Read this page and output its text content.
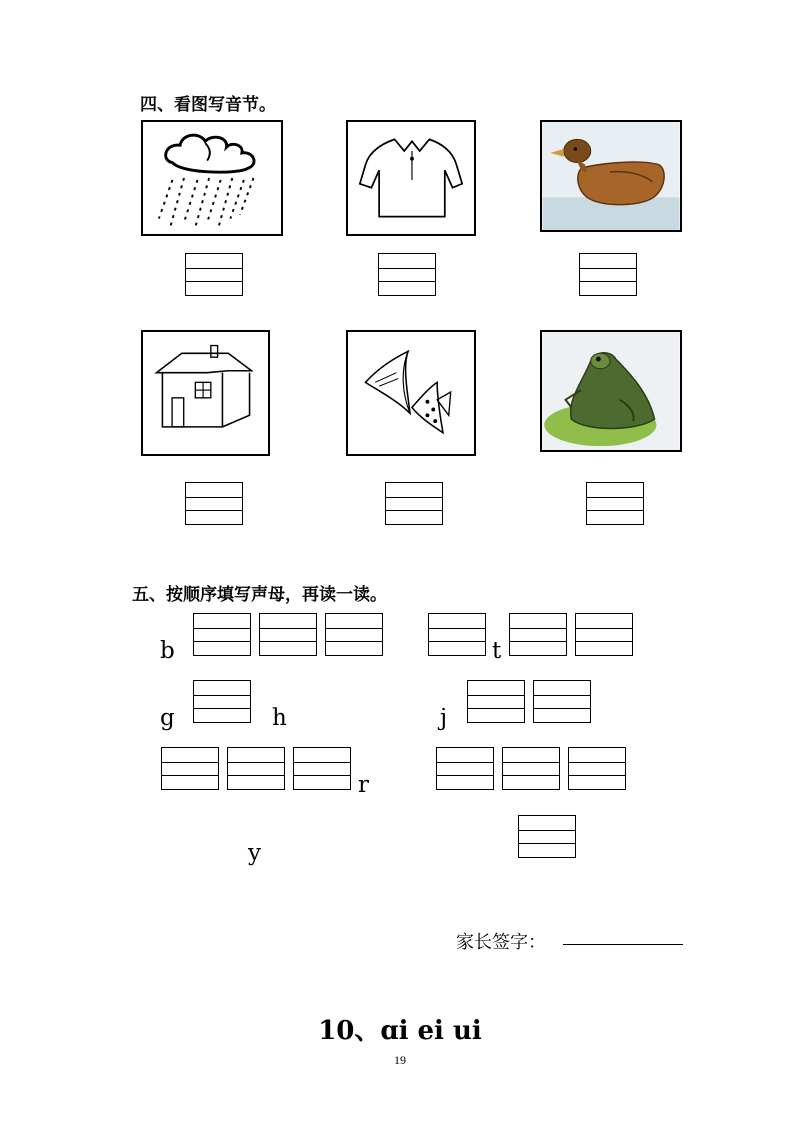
四、看图写音节。
五、按顺序填写声母，再读一读。
b	t
g	h	j
r
y
家长签字：
10、ɑi ei ui
19
